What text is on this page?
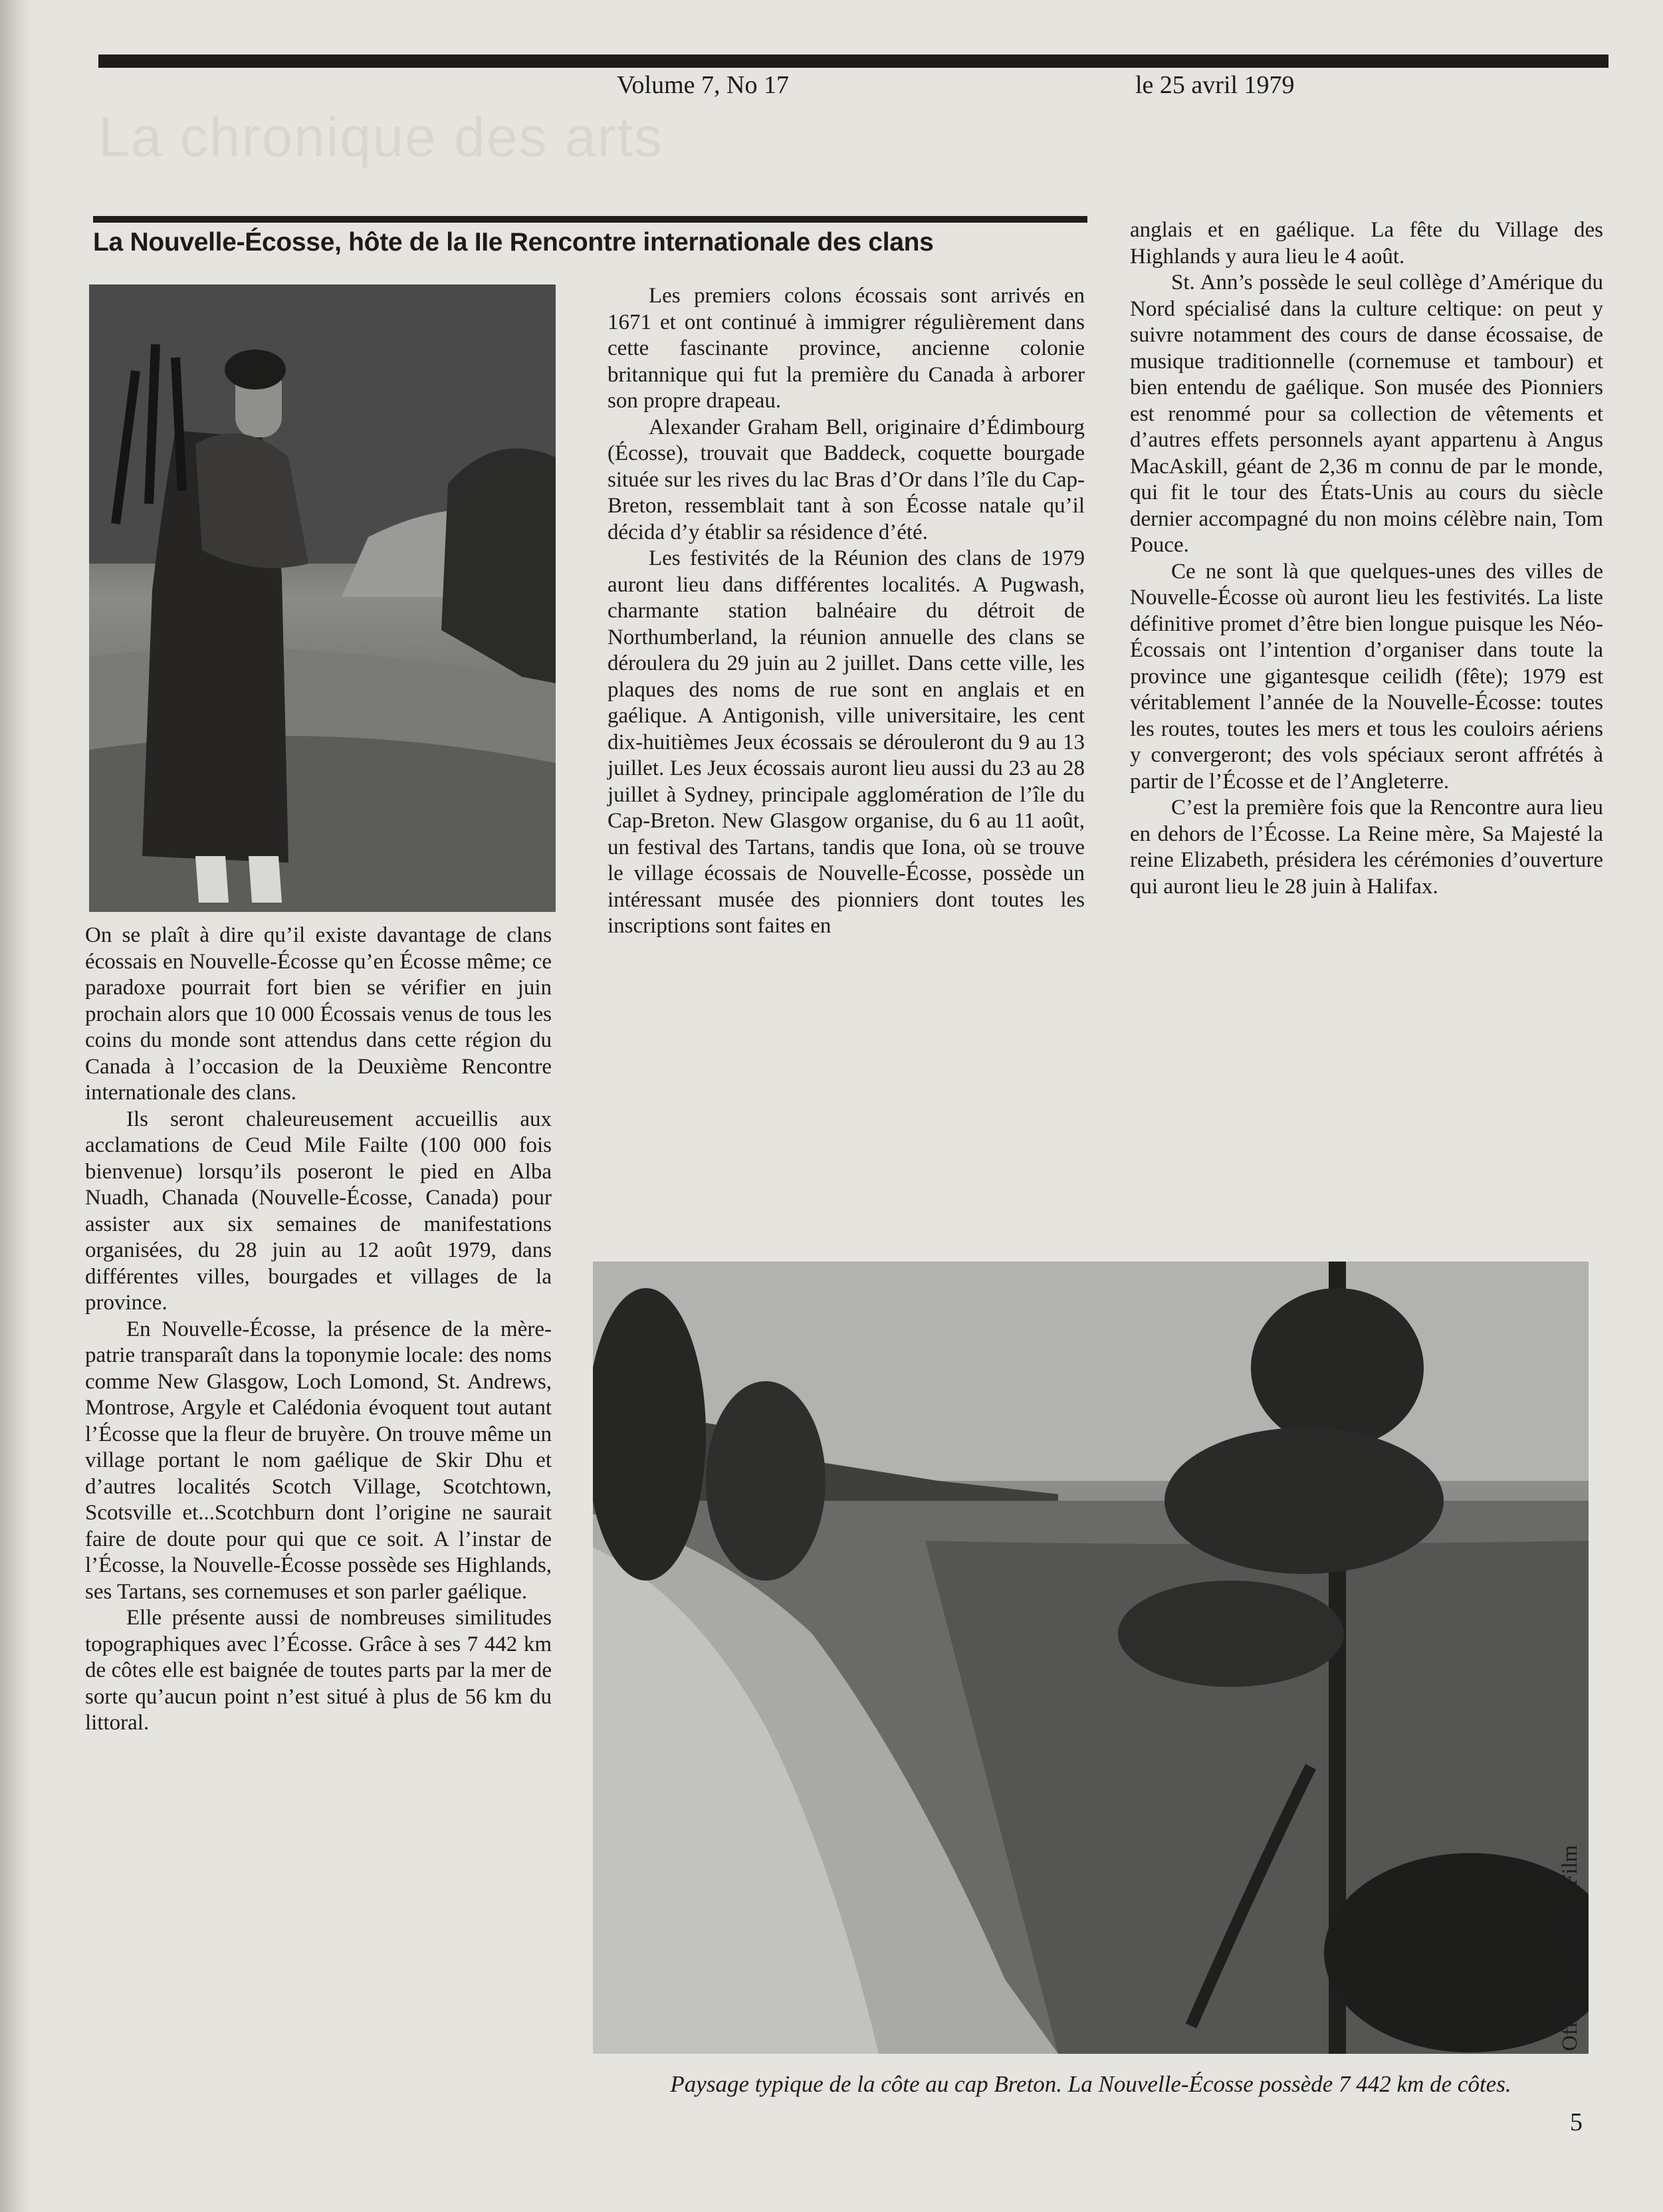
Volume 7, No 17	le 25 avril 1979
La chronique des arts
La Nouvelle-Écosse, hôte de la IIe Rencontre internationale des clans

On se plaît à dire qu’il existe davantage de clans écossais en Nouvelle-Écosse qu’en Écosse même; ce paradoxe pourrait fort bien se vérifier en juin prochain alors que 10 000 Écossais venus de tous les coins du monde sont attendus dans cette région du Canada à l’occasion de la Deuxième Rencontre internationale des clans.

Ils seront chaleureusement accueillis aux acclamations de Ceud Mile Failte (100 000 fois bienvenue) lorsqu’ils poseront le pied en Alba Nuadh, Chanada (Nouvelle-Écosse, Canada) pour assister aux six semaines de manifestations organisées, du 28 juin au 12 août 1979, dans différentes villes, bourgades et villages de la province.

En Nouvelle-Écosse, la présence de la mère-patrie transparaît dans la toponymie locale: des noms comme New Glasgow, Loch Lomond, St. Andrews, Montrose, Argyle et Calédonia évoquent tout autant l’Écosse que la fleur de bruyère. On trouve même un village portant le nom gaélique de Skir Dhu et d’autres localités Scotch Village, Scotchtown, Scotsville et...Scotchburn dont l’origine ne saurait faire de doute pour qui que ce soit. A l’instar de l’Écosse, la Nouvelle-Écosse possède ses Highlands, ses Tartans, ses cornemuses et son parler gaélique.

Elle présente aussi de nombreuses similitudes topographiques avec l’Écosse. Grâce à ses 7 442 km de côtes elle est baignée de toutes parts par la mer de sorte qu’aucun point n’est situé à plus de 56 km du littoral.

Les premiers colons écossais sont arrivés en 1671 et ont continué à immigrer régulièrement dans cette fascinante province, ancienne colonie britannique qui fut la première du Canada à arborer son propre drapeau.

Alexander Graham Bell, originaire d’Édimbourg (Écosse), trouvait que Baddeck, coquette bourgade située sur les rives du lac Bras d’Or dans l’île du Cap-Breton, ressemblait tant à son Écosse natale qu’il décida d’y établir sa résidence d’été.

Les festivités de la Réunion des clans de 1979 auront lieu dans différentes localités. A Pugwash, charmante station balnéaire du détroit de Northumberland, la réunion annuelle des clans se déroulera du 29 juin au 2 juillet. Dans cette ville, les plaques des noms de rue sont en anglais et en gaélique. A Antigonish, ville universitaire, les cent dix-huitièmes Jeux écossais se dérouleront du 9 au 13 juillet. Les Jeux écossais auront lieu aussi du 23 au 28 juillet à Sydney, principale agglomération de l’île du Cap-Breton. New Glasgow organise, du 6 au 11 août, un festival des Tartans, tandis que Iona, où se trouve le village écossais de Nouvelle-Écosse, possède un intéressant musée des pionniers dont toutes les inscriptions sont faites en

anglais et en gaélique. La fête du Village des Highlands y aura lieu le 4 août.

St. Ann’s possède le seul collège d’Amérique du Nord spécialisé dans la culture celtique: on peut y suivre notamment des cours de danse écossaise, de musique traditionnelle (cornemuse et tambour) et bien entendu de gaélique. Son musée des Pionniers est renommé pour sa collection de vêtements et d’autres effets personnels ayant appartenu à Angus MacAskill, géant de 2,36 m connu de par le monde, qui fit le tour des États-Unis au cours du siècle dernier accompagné du non moins célèbre nain, Tom Pouce.

Ce ne sont là que quelques-unes des villes de Nouvelle-Écosse où auront lieu les festivités. La liste définitive promet d’être bien longue puisque les Néo-Écossais ont l’intention d’organiser dans toute la province une gigantesque ceilidh (fête); 1979 est véritablement l’année de la Nouvelle-Écosse: toutes les routes, toutes les mers et tous les couloirs aériens y convergeront; des vols spéciaux seront affrétés à partir de l’Écosse et de l’Angleterre.

C’est la première fois que la Rencontre aura lieu en dehors de l’Écosse. La Reine mère, Sa Majesté la reine Elizabeth, présidera les cérémonies d’ouverture qui auront lieu le 28 juin à Halifax.

Office national du Film
Paysage typique de la côte au cap Breton. La Nouvelle-Écosse possède 7 442 km de côtes.
5
